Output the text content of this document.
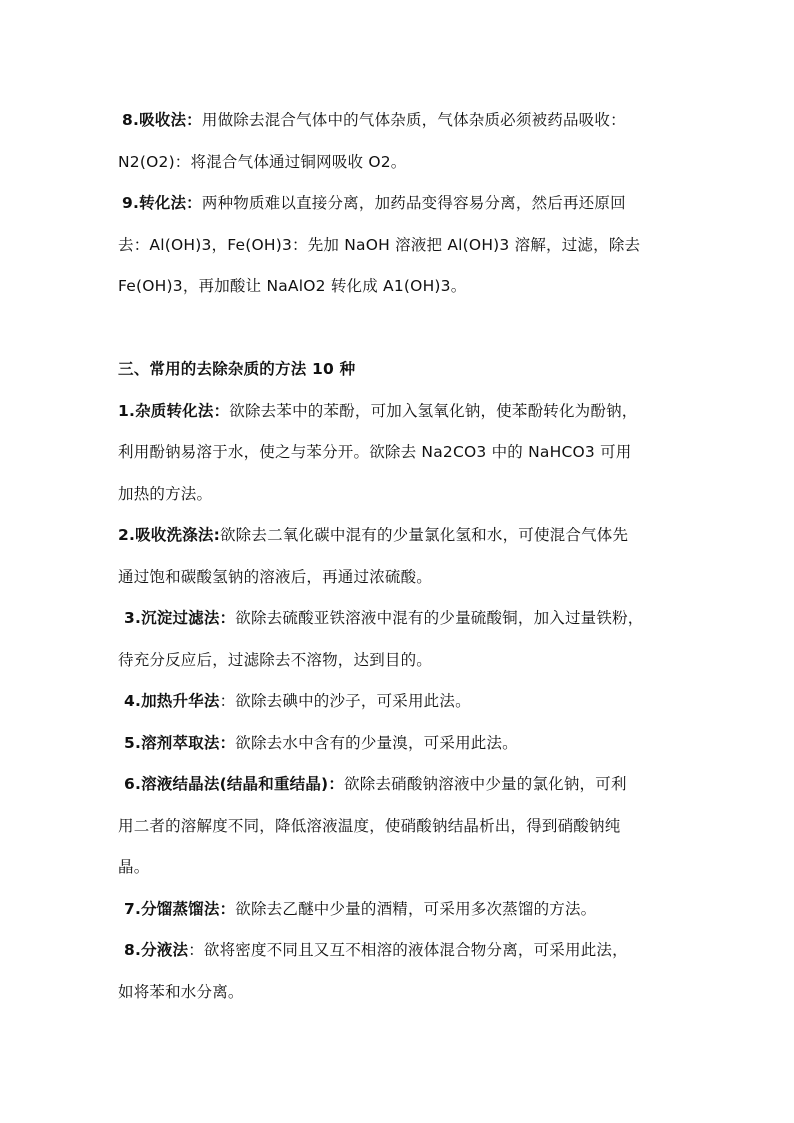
8.吸收法：用做除去混合气体中的气体杂质，气体杂质必须被药品吸收：
N2(O2)：将混合气体通过铜网吸收 O2。
9.转化法：两种物质难以直接分离，加药品变得容易分离，然后再还原回
去：Al(OH)3，Fe(OH)3：先加 NaOH 溶液把 Al(OH)3 溶解，过滤，除去
Fe(OH)3，再加酸让 NaAlO2 转化成 A1(OH)3。
三、常用的去除杂质的方法 10 种
1.杂质转化法：欲除去苯中的苯酚，可加入氢氧化钠，使苯酚转化为酚钠，
利用酚钠易溶于水，使之与苯分开。欲除去 Na2CO3 中的 NaHCO3 可用
加热的方法。
2.吸收洗涤法:欲除去二氧化碳中混有的少量氯化氢和水，可使混合气体先
通过饱和碳酸氢钠的溶液后，再通过浓硫酸。
3.沉淀过滤法：欲除去硫酸亚铁溶液中混有的少量硫酸铜，加入过量铁粉，
待充分反应后，过滤除去不溶物，达到目的。
4.加热升华法：欲除去碘中的沙子，可采用此法。
5.溶剂萃取法：欲除去水中含有的少量溴，可采用此法。
6.溶液结晶法(结晶和重结晶)：欲除去硝酸钠溶液中少量的氯化钠，可利
用二者的溶解度不同，降低溶液温度，使硝酸钠结晶析出，得到硝酸钠纯
晶。
7.分馏蒸馏法：欲除去乙醚中少量的酒精，可采用多次蒸馏的方法。
8.分液法：欲将密度不同且又互不相溶的液体混合物分离，可采用此法，
如将苯和水分离。
